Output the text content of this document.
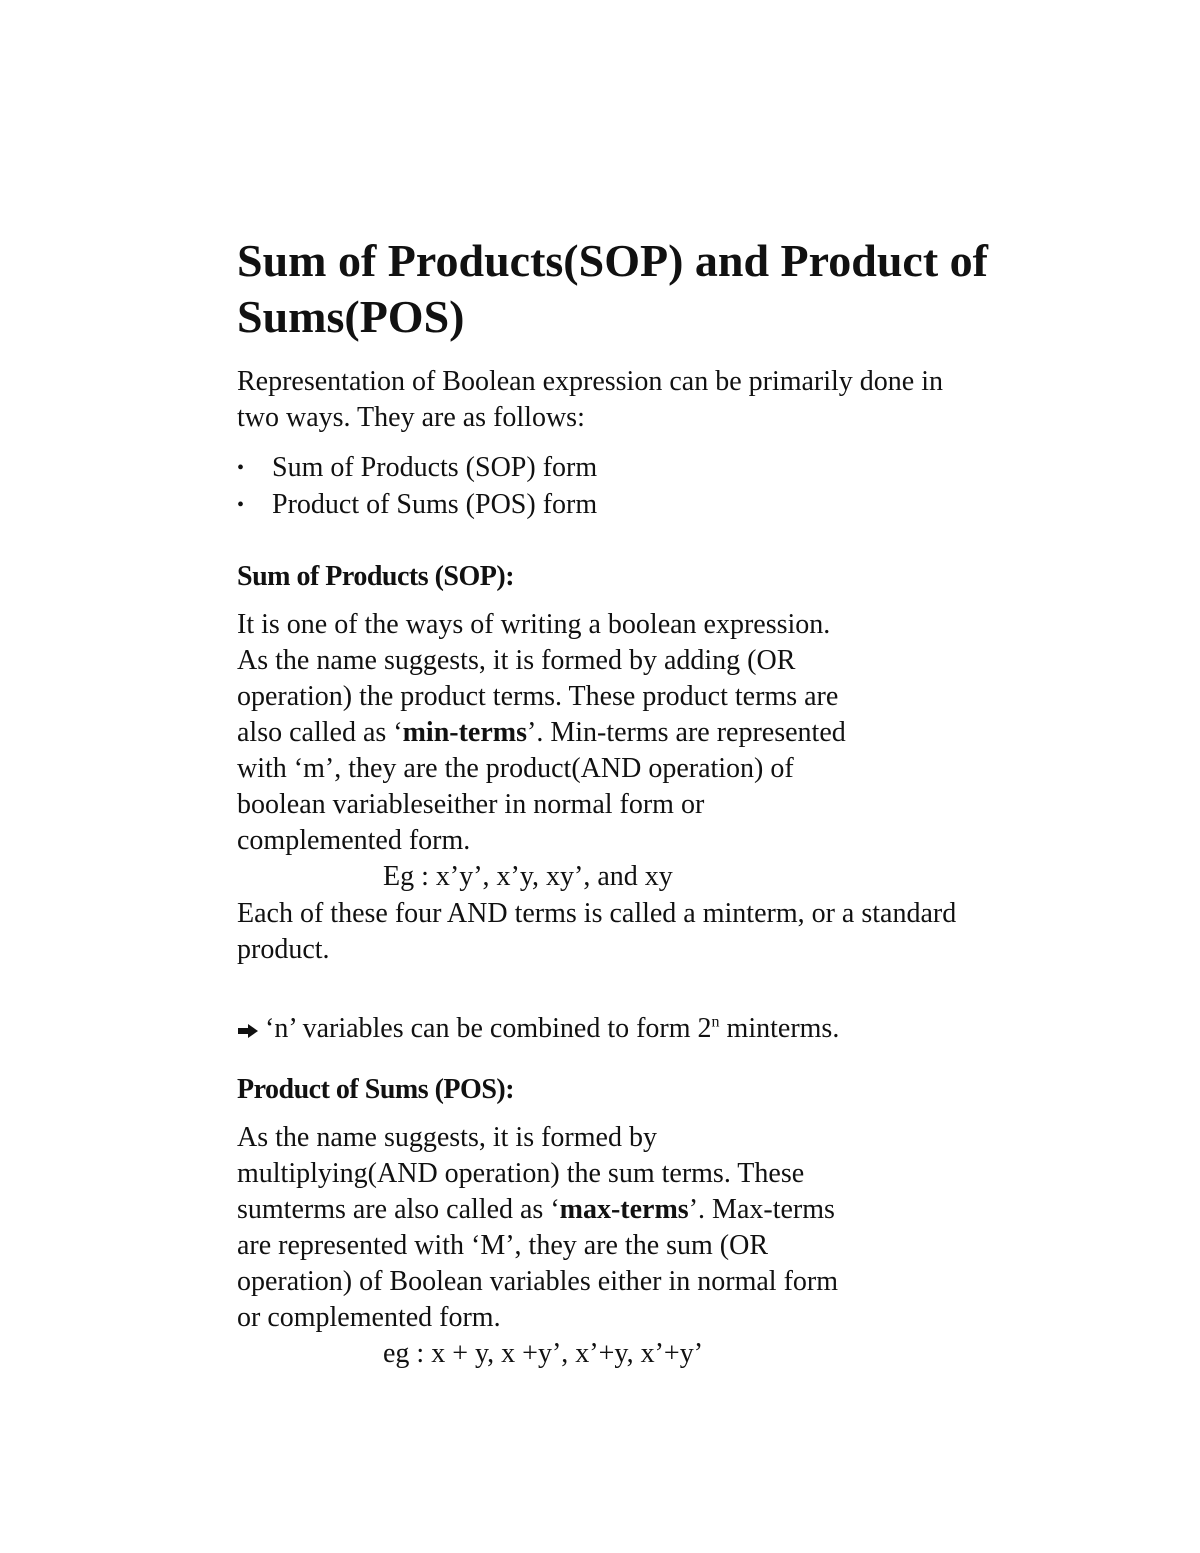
Sum of Products(SOP) and Product of
Sums(POS)
Representation of Boolean expression can be primarily done in
two ways. They are as follows:
• Sum of Products (SOP) form
• Product of Sums (POS) form
Sum of Products (SOP):
It is one of the ways of writing a boolean expression.
As the name suggests, it is formed by adding (OR
operation) the product terms. These product terms are
also called as ‘min-terms’. Min-terms are represented
with ‘m’, they are the product(AND operation) of
boolean variableseither in normal form or
complemented form.
Eg : x’y’, x’y, xy’, and xy
Each of these four AND terms is called a minterm, or a standard
product.
‘n’ variables can be combined to form 2$^n$ minterms.
Product of Sums (POS):
As the name suggests, it is formed by
multiplying(AND operation) the sum terms. These
sumterms are also called as ‘max-terms’. Max-terms
are represented with ‘M’, they are the sum (OR
operation) of Boolean variables either in normal form
or complemented form.
eg : x + y, x +y’, x’+y, x’+y’
